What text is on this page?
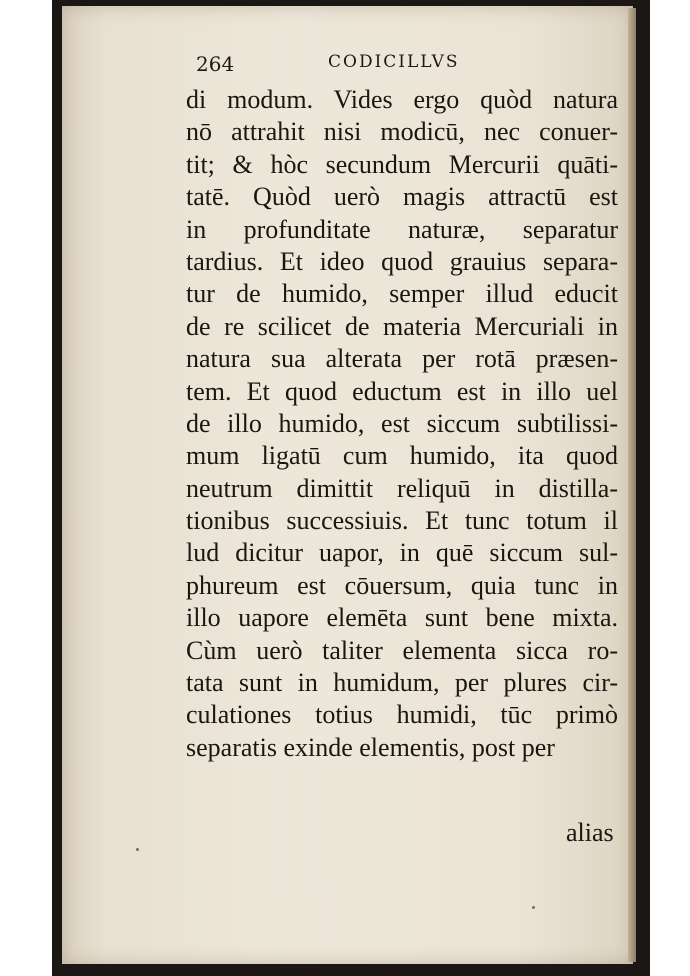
264	CODICILLVS
di modum. Vides ergo quòd natura
nō attrahit nisi modicū, nec conuer-
tit; & hòc secundum Mercurii quāti-
tatē. Quòd uerò magis attractū est
in profunditate naturæ, separatur
tardius. Et ideo quod grauius separa-
tur de humido, semper illud educit
de re scilicet de materia Mercuriali in
natura sua alterata per rotā præsen-
tem. Et quod eductum est in illo uel
de illo humido, est siccum subtilissi-
mum ligatū cum humido, ita quod
neutrum dimittit reliquū in distilla-
tionibus successiuis. Et tunc totum il
lud dicitur uapor, in quē siccum sul-
phureum est cōuersum, quia tunc in
illo uapore elemēta sunt bene mixta.
Cùm uerò taliter elementa sicca ro-
tata sunt in humidum, per plures cir-
culationes totius humidi, tūc primò
separatis exinde elementis, post per
alias
